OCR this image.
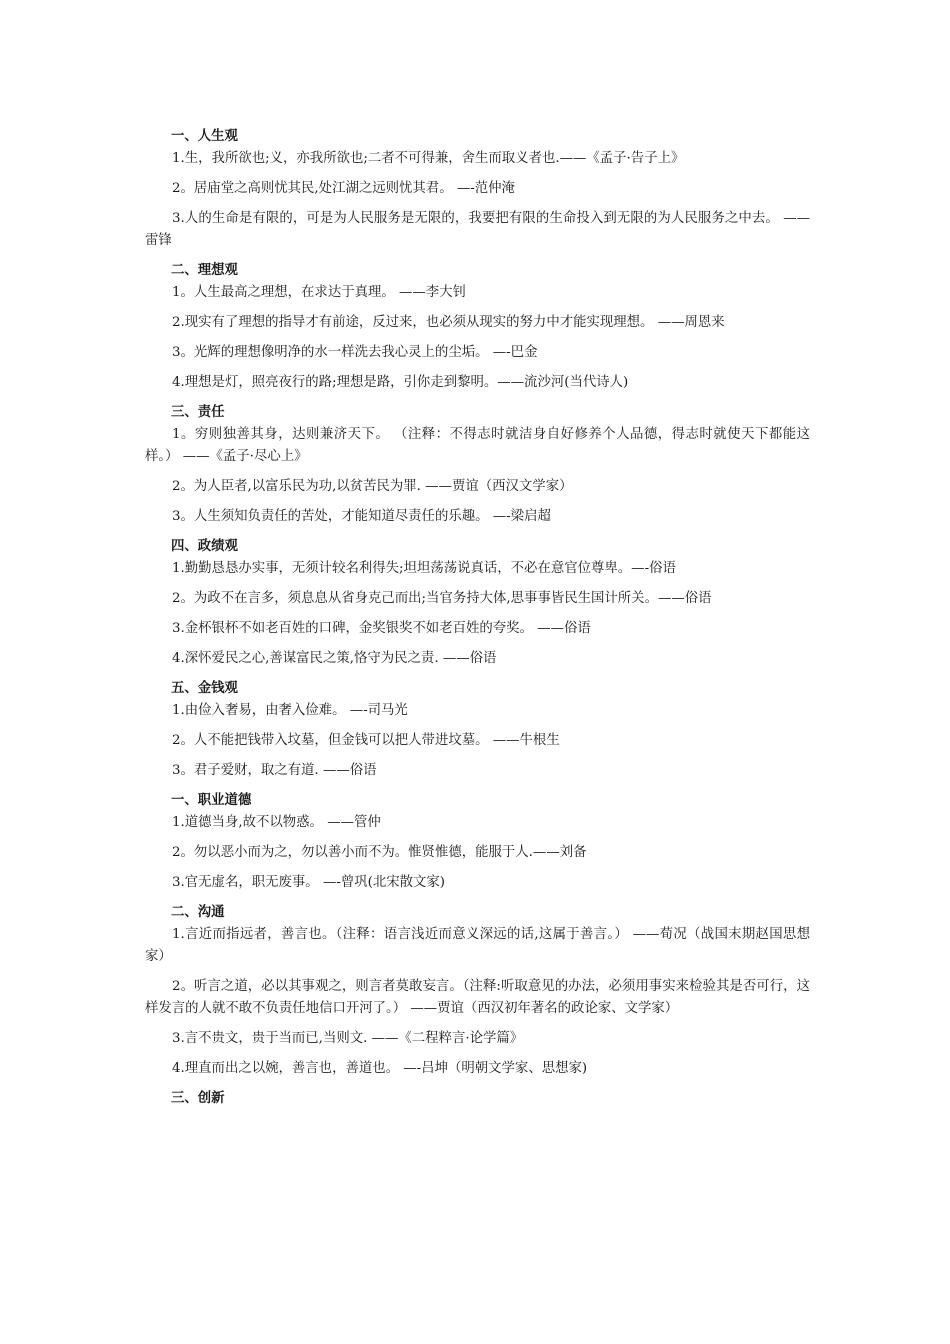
一、人生观
1.生，我所欲也;义，亦我所欲也;二者不可得兼，舍生而取义者也.——《孟子·告子上》
2。居庙堂之高则忧其民,处江湖之远则忧其君。 —-范仲淹
3.人的生命是有限的，可是为人民服务是无限的，我要把有限的生命投入到无限的为人民服务之中去。 ——雷锋
二、理想观
1。人生最高之理想，在求达于真理。 ——李大钊
2.现实有了理想的指导才有前途，反过来，也必须从现实的努力中才能实现理想。 ——周恩来
3。光辉的理想像明净的水一样洗去我心灵上的尘垢。 —-巴金
4.理想是灯，照亮夜行的路;理想是路，引你走到黎明。——流沙河(当代诗人)
三、责任
1。穷则独善其身，达则兼济天下。 （注释：不得志时就洁身自好修养个人品德，得志时就使天下都能这样。） ——《孟子·尽心上》
2。为人臣者,以富乐民为功,以贫苦民为罪. ——贾谊（西汉文学家）
3。人生须知负责任的苦处，才能知道尽责任的乐趣。 —-梁启超
四、政绩观
1.勤勤恳恳办实事，无须计较名利得失;坦坦荡荡说真话，不必在意官位尊卑。—-俗语
2。为政不在言多，须息息从省身克己而出;当官务持大体,思事事皆民生国计所关。——俗语
3.金杯银杯不如老百姓的口碑，金奖银奖不如老百姓的夸奖。 ——俗语
4.深怀爱民之心,善谋富民之策,恪守为民之责. ——俗语
五、金钱观
1.由俭入奢易，由奢入俭难。 —-司马光
2。人不能把钱带入坟墓，但金钱可以把人带进坟墓。 ——牛根生
3。君子爱财，取之有道. ——俗语
一、职业道德
1.道德当身,故不以物惑。 ——管仲
2。勿以恶小而为之，勿以善小而不为。惟贤惟德，能服于人.——刘备
3.官无虚名，职无废事。 —-曾巩(北宋散文家)
二、沟通
1.言近而指远者，善言也。（注释：语言浅近而意义深远的话,这属于善言。） ——荀况（战国末期赵国思想家）
2。听言之道，必以其事观之，则言者莫敢妄言。（注释:听取意见的办法，必须用事实来检验其是否可行，这样发言的人就不敢不负责任地信口开河了。） ——贾谊（西汉初年著名的政论家、文学家）
3.言不贵文，贵于当而已,当则文. ——《二程粹言·论学篇》
4.理直而出之以婉，善言也，善道也。 —-吕坤（明朝文学家、思想家)
三、创新
